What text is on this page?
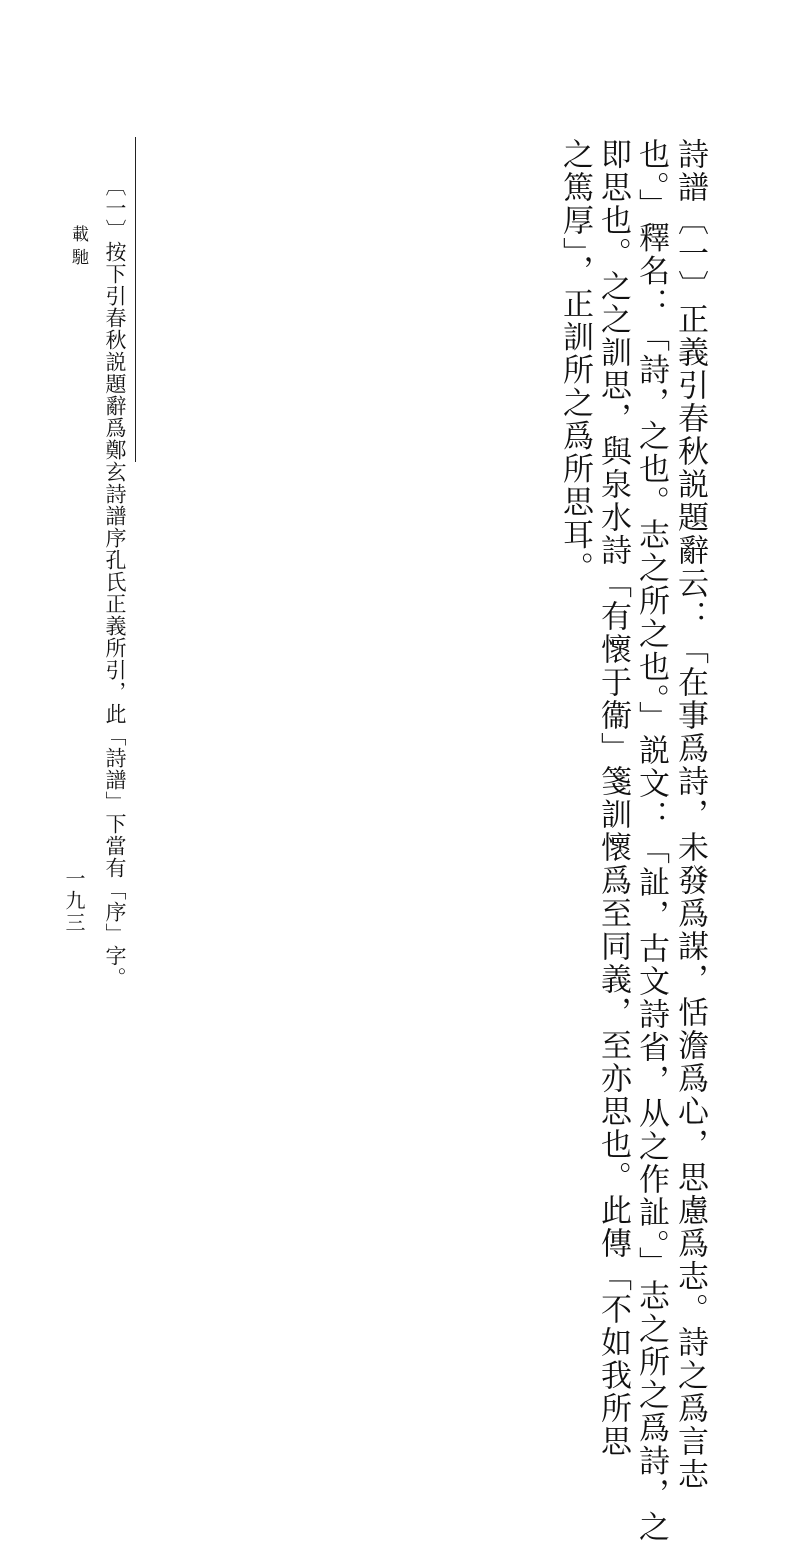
詩譜〔一〕正義引春秋説題辭云：「在事爲詩，未發爲謀，恬澹爲心，思慮爲志。詩之爲言志
也。」釋名：「詩，之也。志之所之也。」説文：「訨，古文詩省，从之作訨。」志之所之爲詩，之
即思也。之之訓思，與泉水詩「有懷于衞」箋訓懷爲至同義，至亦思也。此傳「不如我所思
之篤厚」，正訓所之爲所思耳。
〔一〕按下引春秋説題辭爲鄭玄詩譜序孔氏正義所引，此「詩譜」下當有「序」字。
載馳
一九三
